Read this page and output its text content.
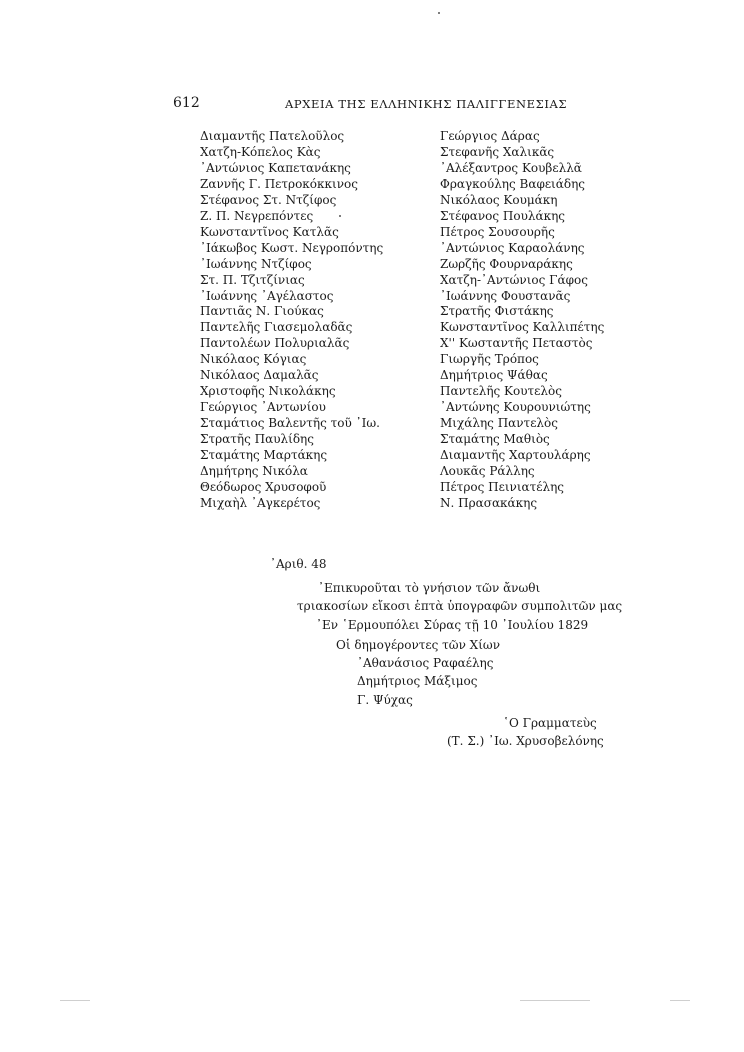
612	ΑΡΧΕΙΑ ΤΗΣ ΕΛΛΗΝΙΚΗΣ ΠΑΛΙΓΓΕΝΕΣΙΑΣ
Διαμαντῆς Πατελοῦλος
Χατζη-Κόπελος Κὰς
᾿Αντώνιος Καπετανάκης
Ζαννῆς Γ. Πετροκόκκινος
Στέφανος Στ. Ντζίφος
Ζ. Π. Νεγρεπόντες
Κωνσταντῖνος Κατλᾶς
᾿Ιάκωβος Κωστ. Νεγροπόντης
᾿Ιωάννης Ντζίφος
Στ. Π. Τζιτζίνιας
᾿Ιωάννης ᾿Αγέλαστος
Παντιᾶς Ν. Γιούκας
Παντελῆς Γιασεμολαδᾶς
Παντολέων Πολυριαλᾶς
Νικόλαος Κόγιας
Νικόλαος Δαμαλᾶς
Χριστοφῆς Νικολάκης
Γεώργιος ᾿Αντωνίου
Σταμάτιος Βαλεντῆς τοῦ ᾿Ιω.
Στρατῆς Παυλίδης
Σταμάτης Μαρτάκης
Δημήτρης Νικόλα
Θεόδωρος Χρυσοφοῦ
Μιχαὴλ ᾿Αγκερέτος
Γεώργιος Δάρας
Στεφανῆς Χαλικᾶς
᾿Αλέξαντρος Κουβελλᾶ
Φραγκούλης Βαφειάδης
Νικόλαος Κουμάκη
Στέφανος Πουλάκης
Πέτρος Σουσουρῆς
᾿Αντώνιος Καραολάνης
Ζωρζῆς Φουρναράκης
Χατζη-᾿Αντώνιος Γάφος
᾿Ιωάννης Φουστανᾶς
Στρατῆς Φιστάκης
Κωνσταντῖνος Καλλιπέτης
Χ'' Κωσταντῆς Πεταστὸς
Γιωργῆς Τρόπος
Δημήτριος Ψάθας
Παντελῆς Κουτελὸς
᾿Αντώνης Κουρουνιώτης
Μιχάλης Παντελὸς
Σταμάτης Μαθιὸς
Διαμαντῆς Χαρτουλάρης
Λουκᾶς Ράλλης
Πέτρος Πεινιατέλης
Ν. Πρασακάκης
᾿Αριθ. 48
᾿Επικυροῦται τὸ γνήσιον τῶν ἄνωθι
τριακοσίων εἴκοσι ἑπτὰ ὑπογραφῶν συμπολιτῶν μας
᾿Εν ῾Ερμουπόλει Σύρας τῇ 10 ᾿Ιουλίου 1829
Οἱ δημογέροντες τῶν Χίων
᾿Αθανάσιος Ραφαέλης
Δημήτριος Μάξιμος
Γ. Ψύχας
῾Ο Γραμματεὺς
(Τ. Σ.) ᾿Ιω. Χρυσοβελόνης
